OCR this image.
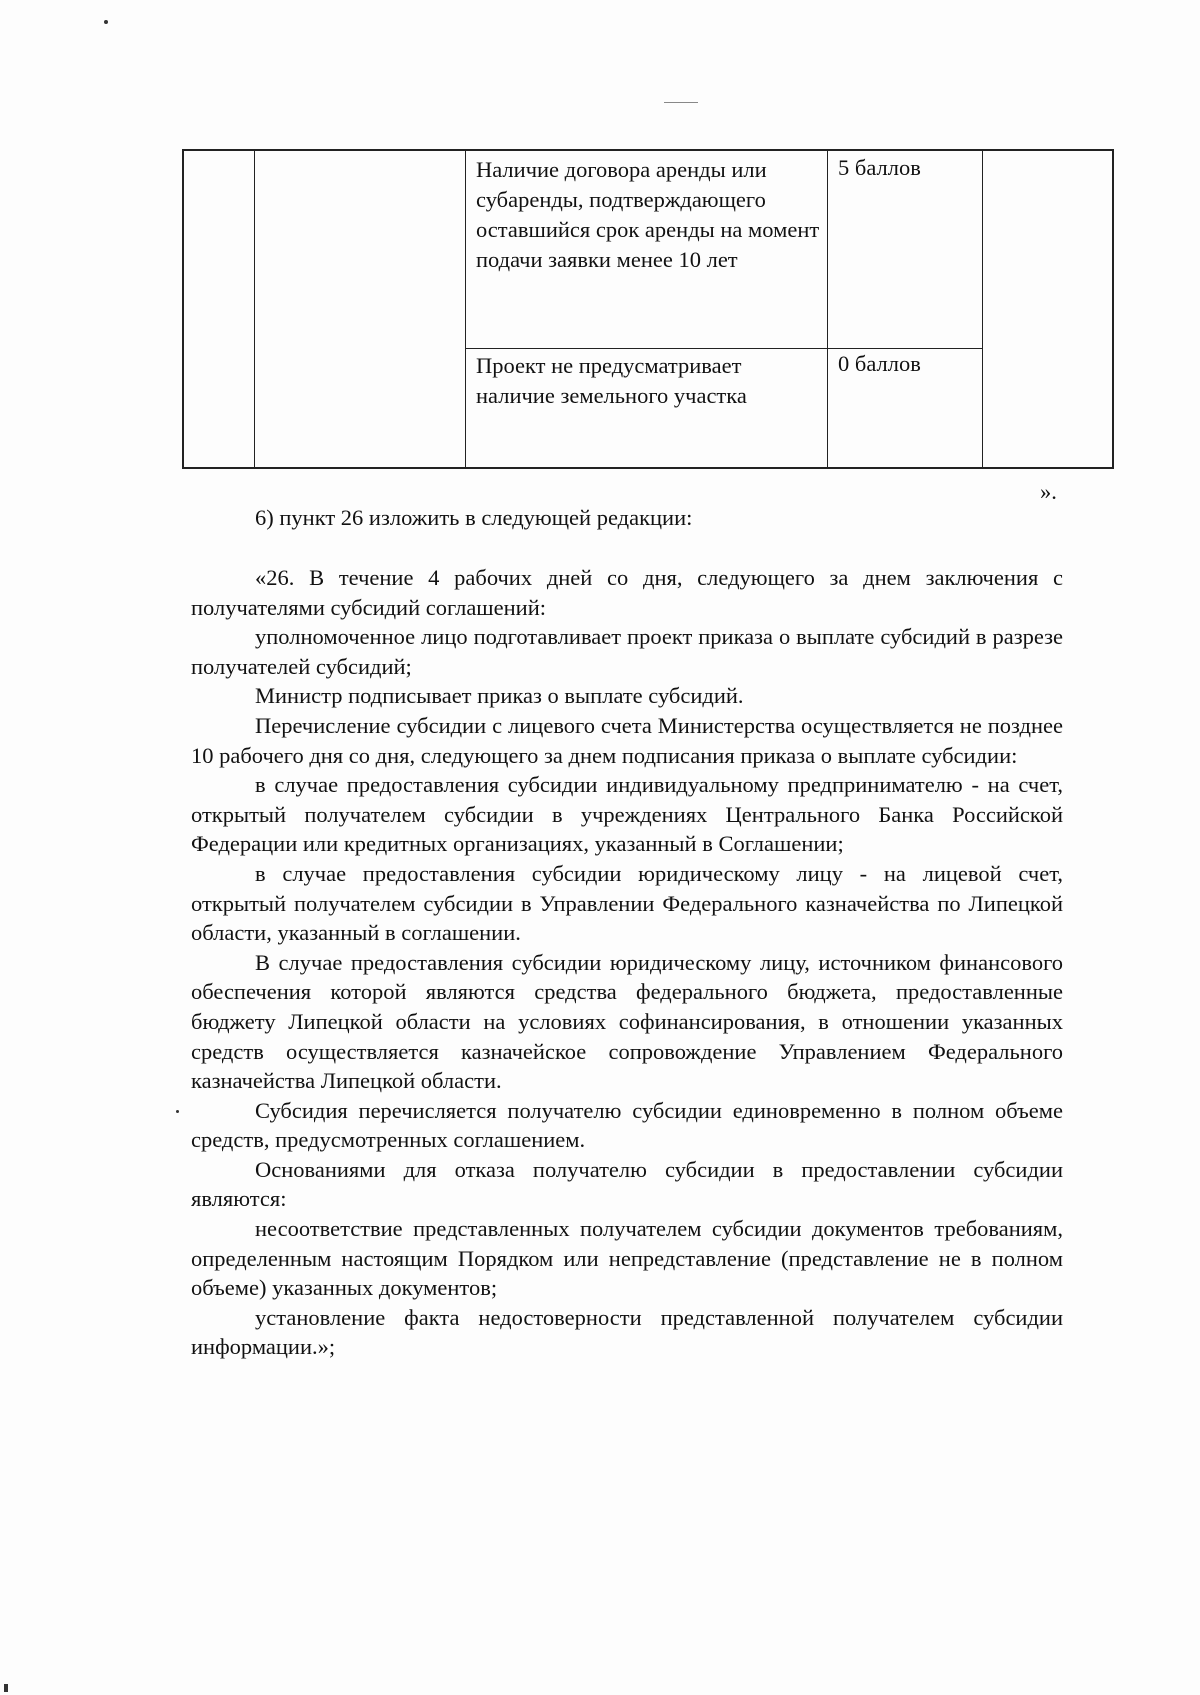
Наличие договора аренды или субаренды, подтверждающего оставшийся срок аренды на момент подачи заявки менее 10 лет
5 баллов
Проект не предусматривает наличие земельного участка
0 баллов
».
6) пункт 26 изложить в следующей редакции:

«26. В течение 4 рабочих дней со дня, следующего за днем заключения с получателями субсидий соглашений:

уполномоченное лицо подготавливает проект приказа о выплате субсидий в разрезе получателей субсидий;

Министр подписывает приказ о выплате субсидий.

Перечисление субсидии с лицевого счета Министерства осуществляется не позднее 10 рабочего дня со дня, следующего за днем подписания приказа о выплате субсидии:

в случае предоставления субсидии индивидуальному предпринимателю - на счет, открытый получателем субсидии в учреждениях Центрального Банка Российской Федерации или кредитных организациях, указанный в Соглашении;

в случае предоставления субсидии юридическому лицу - на лицевой счет, открытый получателем субсидии в Управлении Федерального казначейства по Липецкой области, указанный в соглашении.

В случае предоставления субсидии юридическому лицу, источником финансового обеспечения которой являются средства федерального бюджета, предоставленные бюджету Липецкой области на условиях софинансирования, в отношении указанных средств осуществляется казначейское сопровождение Управлением Федерального казначейства Липецкой области.

Субсидия перечисляется получателю субсидии единовременно в полном объеме средств, предусмотренных соглашением.

Основаниями для отказа получателю субсидии в предоставлении субсидии являются:

несоответствие представленных получателем субсидии документов требованиям, определенным настоящим Порядком или непредставление (представление не в полном объеме) указанных документов;

установление факта недостоверности представленной получателем субсидии информации.»;
